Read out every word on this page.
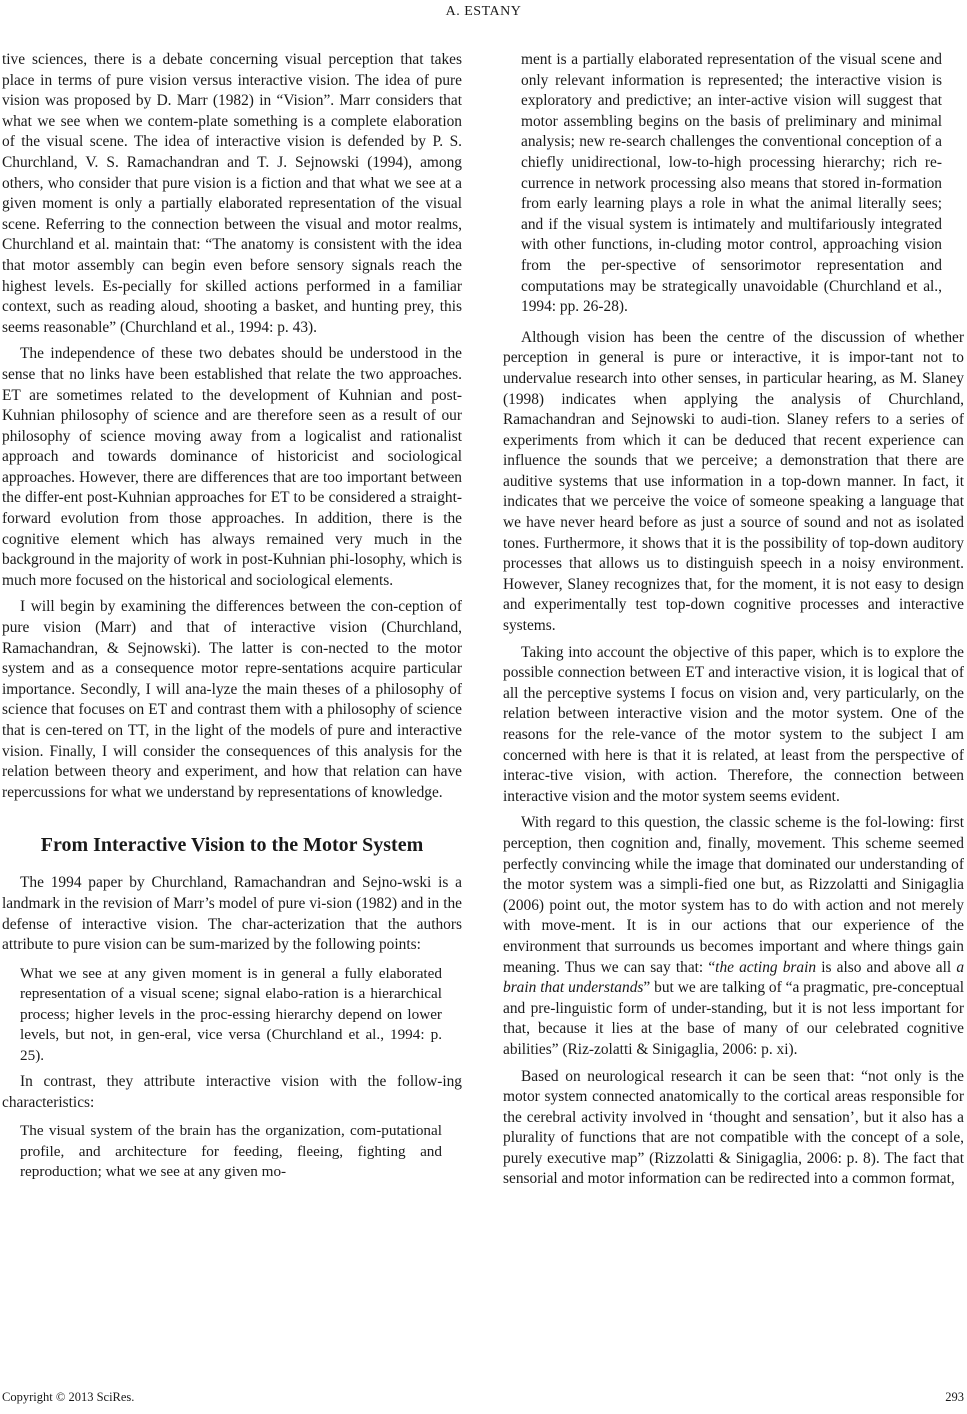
A. ESTANY

tive sciences, there is a debate concerning visual perception that takes place in terms of pure vision versus interactive vision. The idea of pure vision was proposed by D. Marr (1982) in “Vision”. Marr considers that what we see when we contem-plate something is a complete elaboration of the visual scene. The idea of interactive vision is defended by P. S. Churchland, V. S. Ramachandran and T. J. Sejnowski (1994), among others, who consider that pure vision is a fiction and that what we see at a given moment is only a partially elaborated representation of the visual scene. Referring to the connection between the visual and motor realms, Churchland et al. maintain that: “The anatomy is consistent with the idea that motor assembly can begin even before sensory signals reach the highest levels. Es-pecially for skilled actions performed in a familiar context, such as reading aloud, shooting a basket, and hunting prey, this seems reasonable” (Churchland et al., 1994: p. 43).

The independence of these two debates should be understood in the sense that no links have been established that relate the two approaches. ET are sometimes related to the development of Kuhnian and post-Kuhnian philosophy of science and are therefore seen as a result of our philosophy of science moving away from a logicalist and rationalist approach and towards dominance of historicist and sociological approaches. However, there are differences that are too important between the differ-ent post-Kuhnian approaches for ET to be considered a straight-forward evolution from those approaches. In addition, there is the cognitive element which has always remained very much in the background in the majority of work in post-Kuhnian phi-losophy, which is much more focused on the historical and sociological elements.

I will begin by examining the differences between the con-ception of pure vision (Marr) and that of interactive vision (Churchland, Ramachandran, & Sejnowski). The latter is con-nected to the motor system and as a consequence motor repre-sentations acquire particular importance. Secondly, I will ana-lyze the main theses of a philosophy of science that focuses on ET and contrast them with a philosophy of science that is cen-tered on TT, in the light of the models of pure and interactive vision. Finally, I will consider the consequences of this analysis for the relation between theory and experiment, and how that relation can have repercussions for what we understand by representations of knowledge.

From Interactive Vision to the Motor System

The 1994 paper by Churchland, Ramachandran and Sejno-wski is a landmark in the revision of Marr’s model of pure vi-sion (1982) and in the defense of interactive vision. The char-acterization that the authors attribute to pure vision can be sum-marized by the following points:

What we see at any given moment is in general a fully elaborated representation of a visual scene; signal elabo-ration is a hierarchical process; higher levels in the proc-essing hierarchy depend on lower levels, but not, in gen-eral, vice versa (Churchland et al., 1994: p. 25).

In contrast, they attribute interactive vision with the follow-ing characteristics:

The visual system of the brain has the organization, com-putational profile, and architecture for feeding, fleeing, fighting and reproduction; what we see at any given mo-

ment is a partially elaborated representation of the visual scene and only relevant information is represented; the interactive vision is exploratory and predictive; an inter-active vision will suggest that motor assembling begins on the basis of preliminary and minimal analysis; new re-search challenges the conventional conception of a chiefly unidirectional, low-to-high processing hierarchy; rich re-currence in network processing also means that stored in-formation from early learning plays a role in what the animal literally sees; and if the visual system is intimately and multifariously integrated with other functions, in-cluding motor control, approaching vision from the per-spective of sensorimotor representation and computations may be strategically unavoidable (Churchland et al., 1994: pp. 26-28).

Although vision has been the centre of the discussion of whether perception in general is pure or interactive, it is impor-tant not to undervalue research into other senses, in particular hearing, as M. Slaney (1998) indicates when applying the analysis of Churchland, Ramachandran and Sejnowski to audi-tion. Slaney refers to a series of experiments from which it can be deduced that recent experience can influence the sounds that we perceive; a demonstration that there are auditive systems that use information in a top-down manner. In fact, it indicates that we perceive the voice of someone speaking a language that we have never heard before as just a source of sound and not as isolated tones. Furthermore, it shows that it is the possibility of top-down auditory processes that allows us to distinguish speech in a noisy environment. However, Slaney recognizes that, for the moment, it is not easy to design and experimentally test top-down cognitive processes and interactive systems.

Taking into account the objective of this paper, which is to explore the possible connection between ET and interactive vision, it is logical that of all the perceptive systems I focus on vision and, very particularly, on the relation between interactive vision and the motor system. One of the reasons for the rele-vance of the motor system to the subject I am concerned with here is that it is related, at least from the perspective of interac-tive vision, with action. Therefore, the connection between interactive vision and the motor system seems evident.

With regard to this question, the classic scheme is the fol-lowing: first perception, then cognition and, finally, movement. This scheme seemed perfectly convincing while the image that dominated our understanding of the motor system was a simpli-fied one but, as Rizzolatti and Sinigaglia (2006) point out, the motor system has to do with action and not merely with move-ment. It is in our actions that our experience of the environment that surrounds us becomes important and where things gain meaning. Thus we can say that: “the acting brain is also and above all a brain that understands” but we are talking of “a pragmatic, pre-conceptual and pre-linguistic form of under-standing, but it is not less important for that, because it lies at the base of many of our celebrated cognitive abilities” (Riz-zolatti & Sinigaglia, 2006: p. xi).

Based on neurological research it can be seen that: “not only is the motor system connected anatomically to the cortical areas responsible for the cerebral activity involved in ‘thought and sensation’, but it also has a plurality of functions that are not compatible with the concept of a sole, purely executive map” (Rizzolatti & Sinigaglia, 2006: p. 8). The fact that sensorial and motor information can be redirected into a common format,

Copyright © 2013 SciRes.	293
